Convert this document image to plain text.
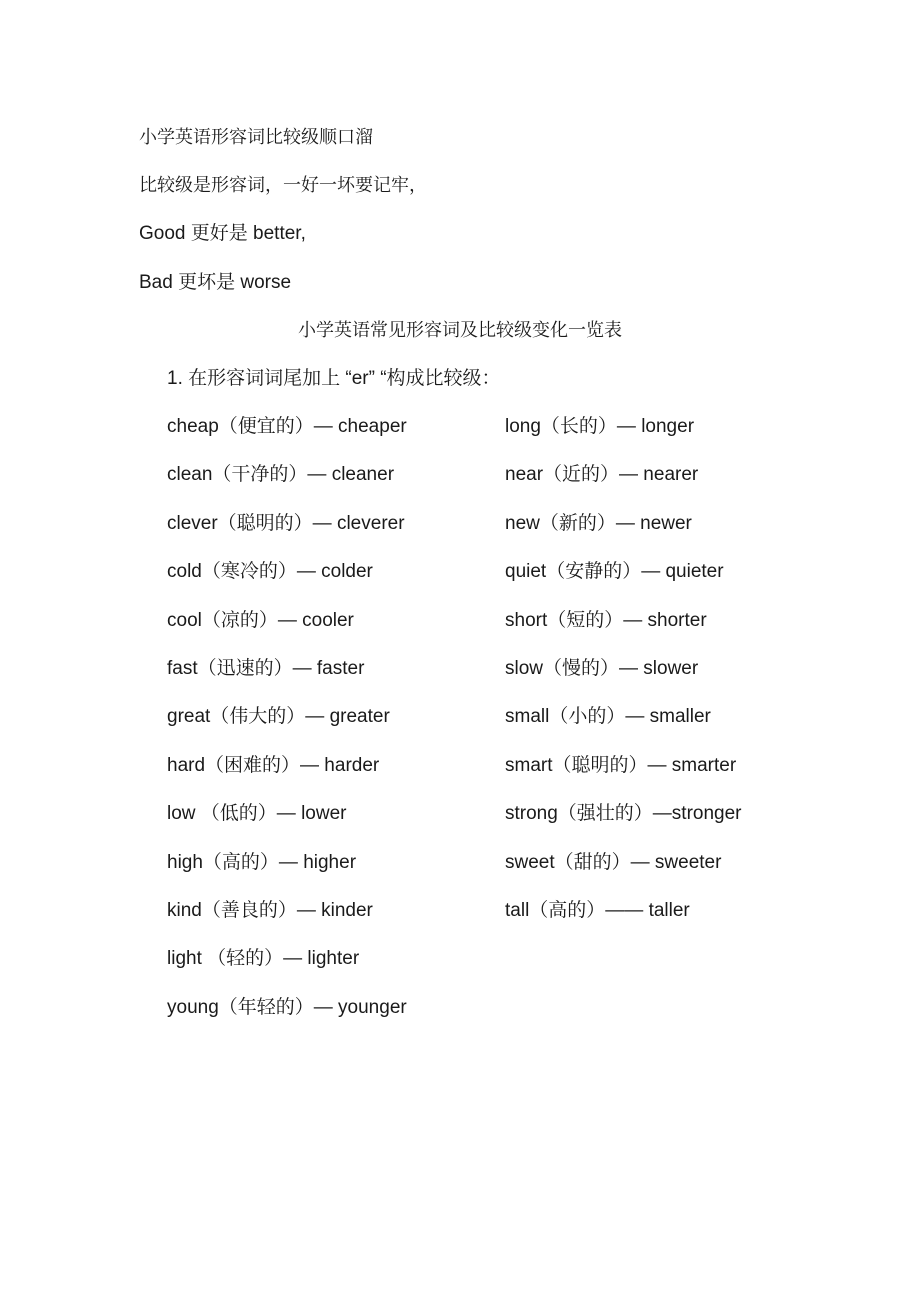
小学英语形容词比较级顺口溜
比较级是形容词，一好一坏要记牢，
Good 更好是 better,
Bad 更坏是 worse
小学英语常见形容词及比较级变化一览表
1. 在形容词词尾加上 “er” “构成比较级：
cheap（便宜的）— cheaper
clean（干净的）— cleaner
clever（聪明的）— cleverer
cold（寒冷的）— colder
cool（凉的）— cooler
fast（迅速的）— faster
great（伟大的）— greater
hard（困难的）— harder
low （低的）— lower
high（高的）— higher
kind（善良的）— kinder
light （轻的）— lighter
young（年轻的）— younger
long（长的）— longer
near（近的）— nearer
new（新的）— newer
quiet（安静的）— quieter
short（短的）— shorter
slow（慢的）— slower
small（小的）— smaller
smart（聪明的）— smarter
strong（强壮的）—stronger
sweet（甜的）— sweeter
tall（高的）—— taller
